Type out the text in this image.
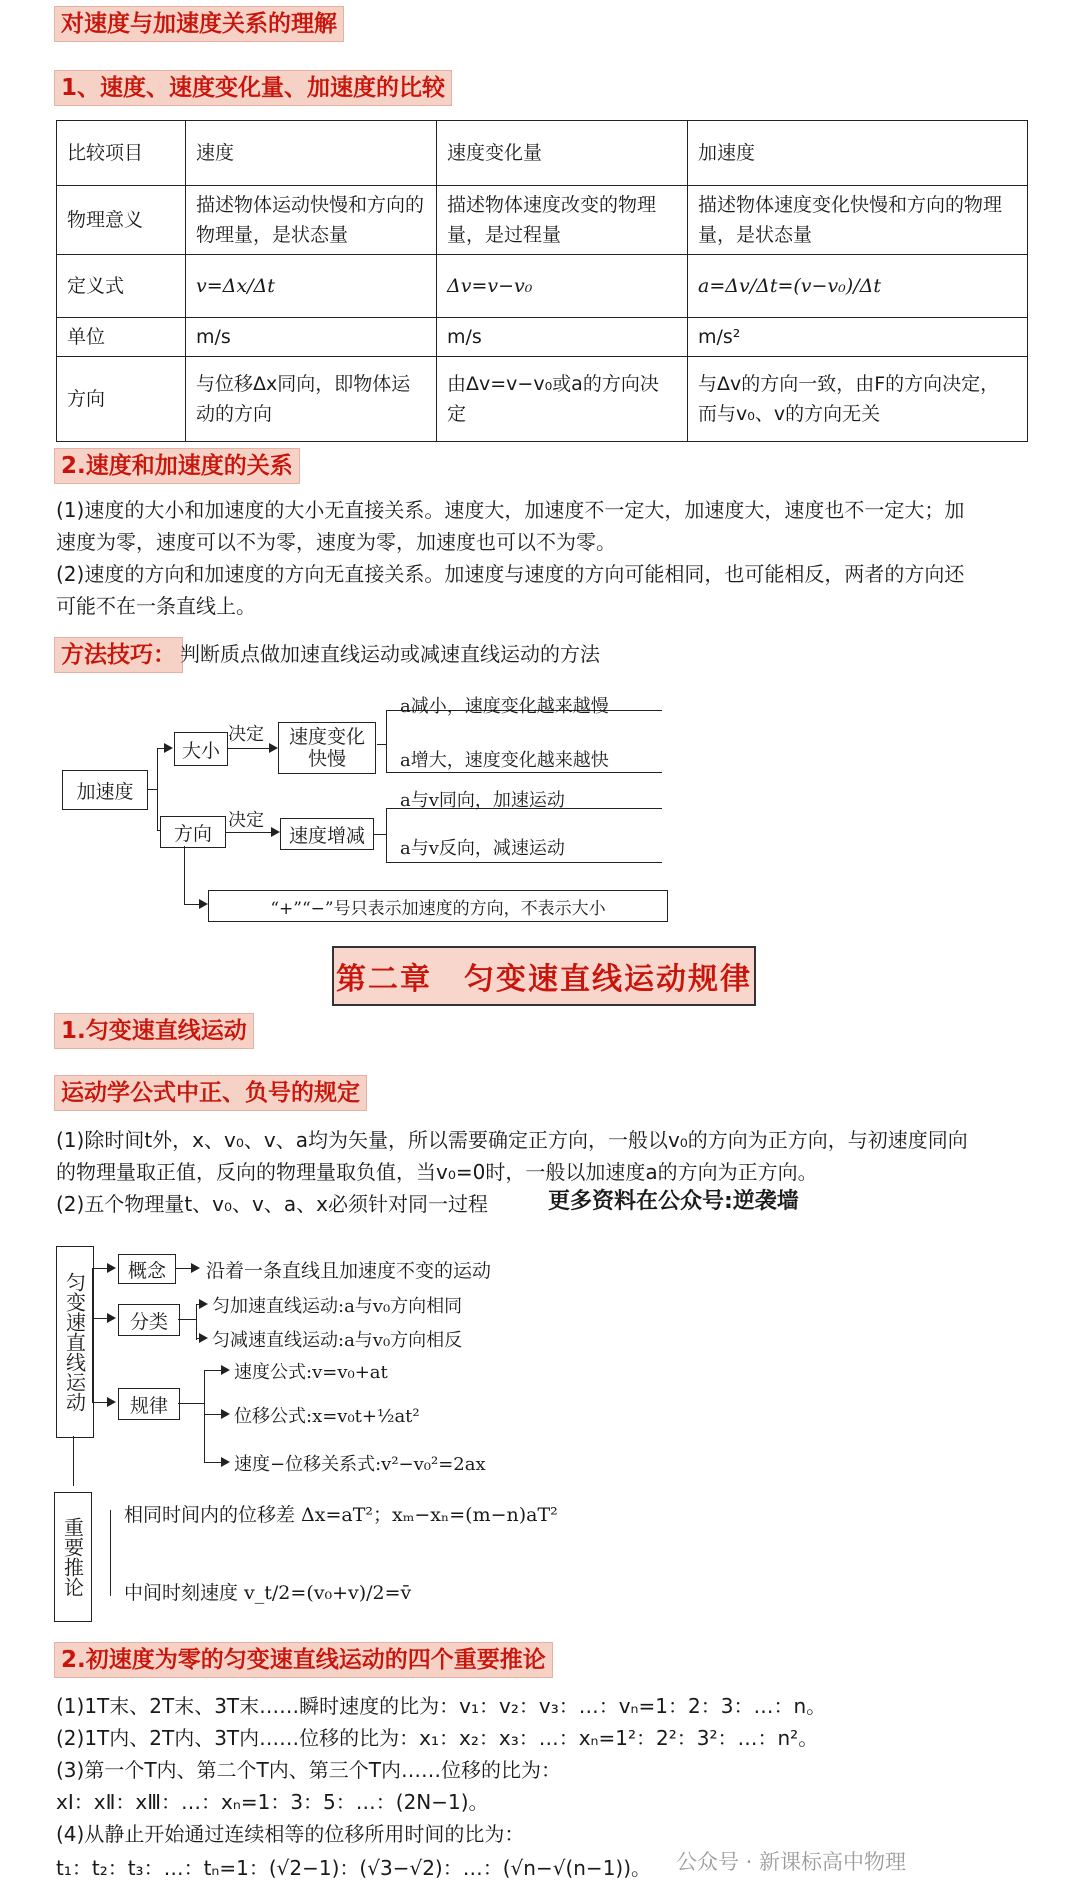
对速度与加速度关系的理解
1、速度、速度变化量、加速度的比较
比较项目	速度	速度变化量	加速度
物理意义	描述物体运动快慢和方向的物理量，是状态量	描述物体速度改变的物理量，是过程量	描述物体速度变化快慢和方向的物理量，是状态量
定义式	v=Δx/Δt	Δv=v−v₀	a=Δv/Δt=(v−v₀)/Δt
单位	m/s	m/s	m/s²
方向	与位移Δx同向，即物体运动的方向	由Δv=v−v₀或a的方向决定	与Δv的方向一致，由F的方向决定，而与v₀、v的方向无关
2.速度和加速度的关系
(1)速度的大小和加速度的大小无直接关系。速度大，加速度不一定大，加速度大，速度也不一定大；加
速度为零，速度可以不为零，速度为零，加速度也可以不为零。
(2)速度的方向和加速度的方向无直接关系。加速度与速度的方向可能相同，也可能相反，两者的方向还
可能不在一条直线上。
方法技巧： 判断质点做加速直线运动或减速直线运动的方法
加速度
大小
方向
决定	速度变化快慢
决定
速度增减
a减小，速度变化越来越慢
a增大，速度变化越来越快
a与v同向，加速运动
a与v反向，减速运动
“+”“−”号只表示加速度的方向，不表示大小
第二章　匀变速直线运动规律
1.匀变速直线运动
运动学公式中正、负号的规定
(1)除时间t外，x、v₀、v、a均为矢量，所以需要确定正方向，一般以v₀的方向为正方向，与初速度同向
的物理量取正值，反向的物理量取负值，当v₀=0时，一般以加速度a的方向为正方向。
(2)五个物理量t、v₀、v、a、x必须针对同一过程	更多资料在公众号:逆袭墙
匀变速直线运动
概念	沿着一条直线且加速度不变的运动
分类
匀加速直线运动:a与v₀方向相同
匀减速直线运动:a与v₀方向相反
规律
速度公式:v=v₀+at
位移公式:x=v₀t+½at²
速度−位移关系式:v²−v₀²=2ax
重要推论
相同时间内的位移差 Δx=aT²；xₘ−xₙ=(m−n)aT²
中间时刻速度 v_t/2=(v₀+v)/2=v̄
2.初速度为零的匀变速直线运动的四个重要推论
(1)1T末、2T末、3T末……瞬时速度的比为：v₁：v₂：v₃：…：vₙ=1：2：3：…：n。
(2)1T内、2T内、3T内……位移的比为：x₁：x₂：x₃：…：xₙ=1²：2²：3²：…：n²。
(3)第一个T内、第二个T内、第三个T内……位移的比为：
xⅠ：xⅡ：xⅢ：…：xₙ=1：3：5：…：(2N−1)。
(4)从静止开始通过连续相等的位移所用时间的比为：
t₁：t₂：t₃：…：tₙ=1：(√2−1)：(√3−√2)：…：(√n−√(n−1))。 公众号 · 新课标高中物理
